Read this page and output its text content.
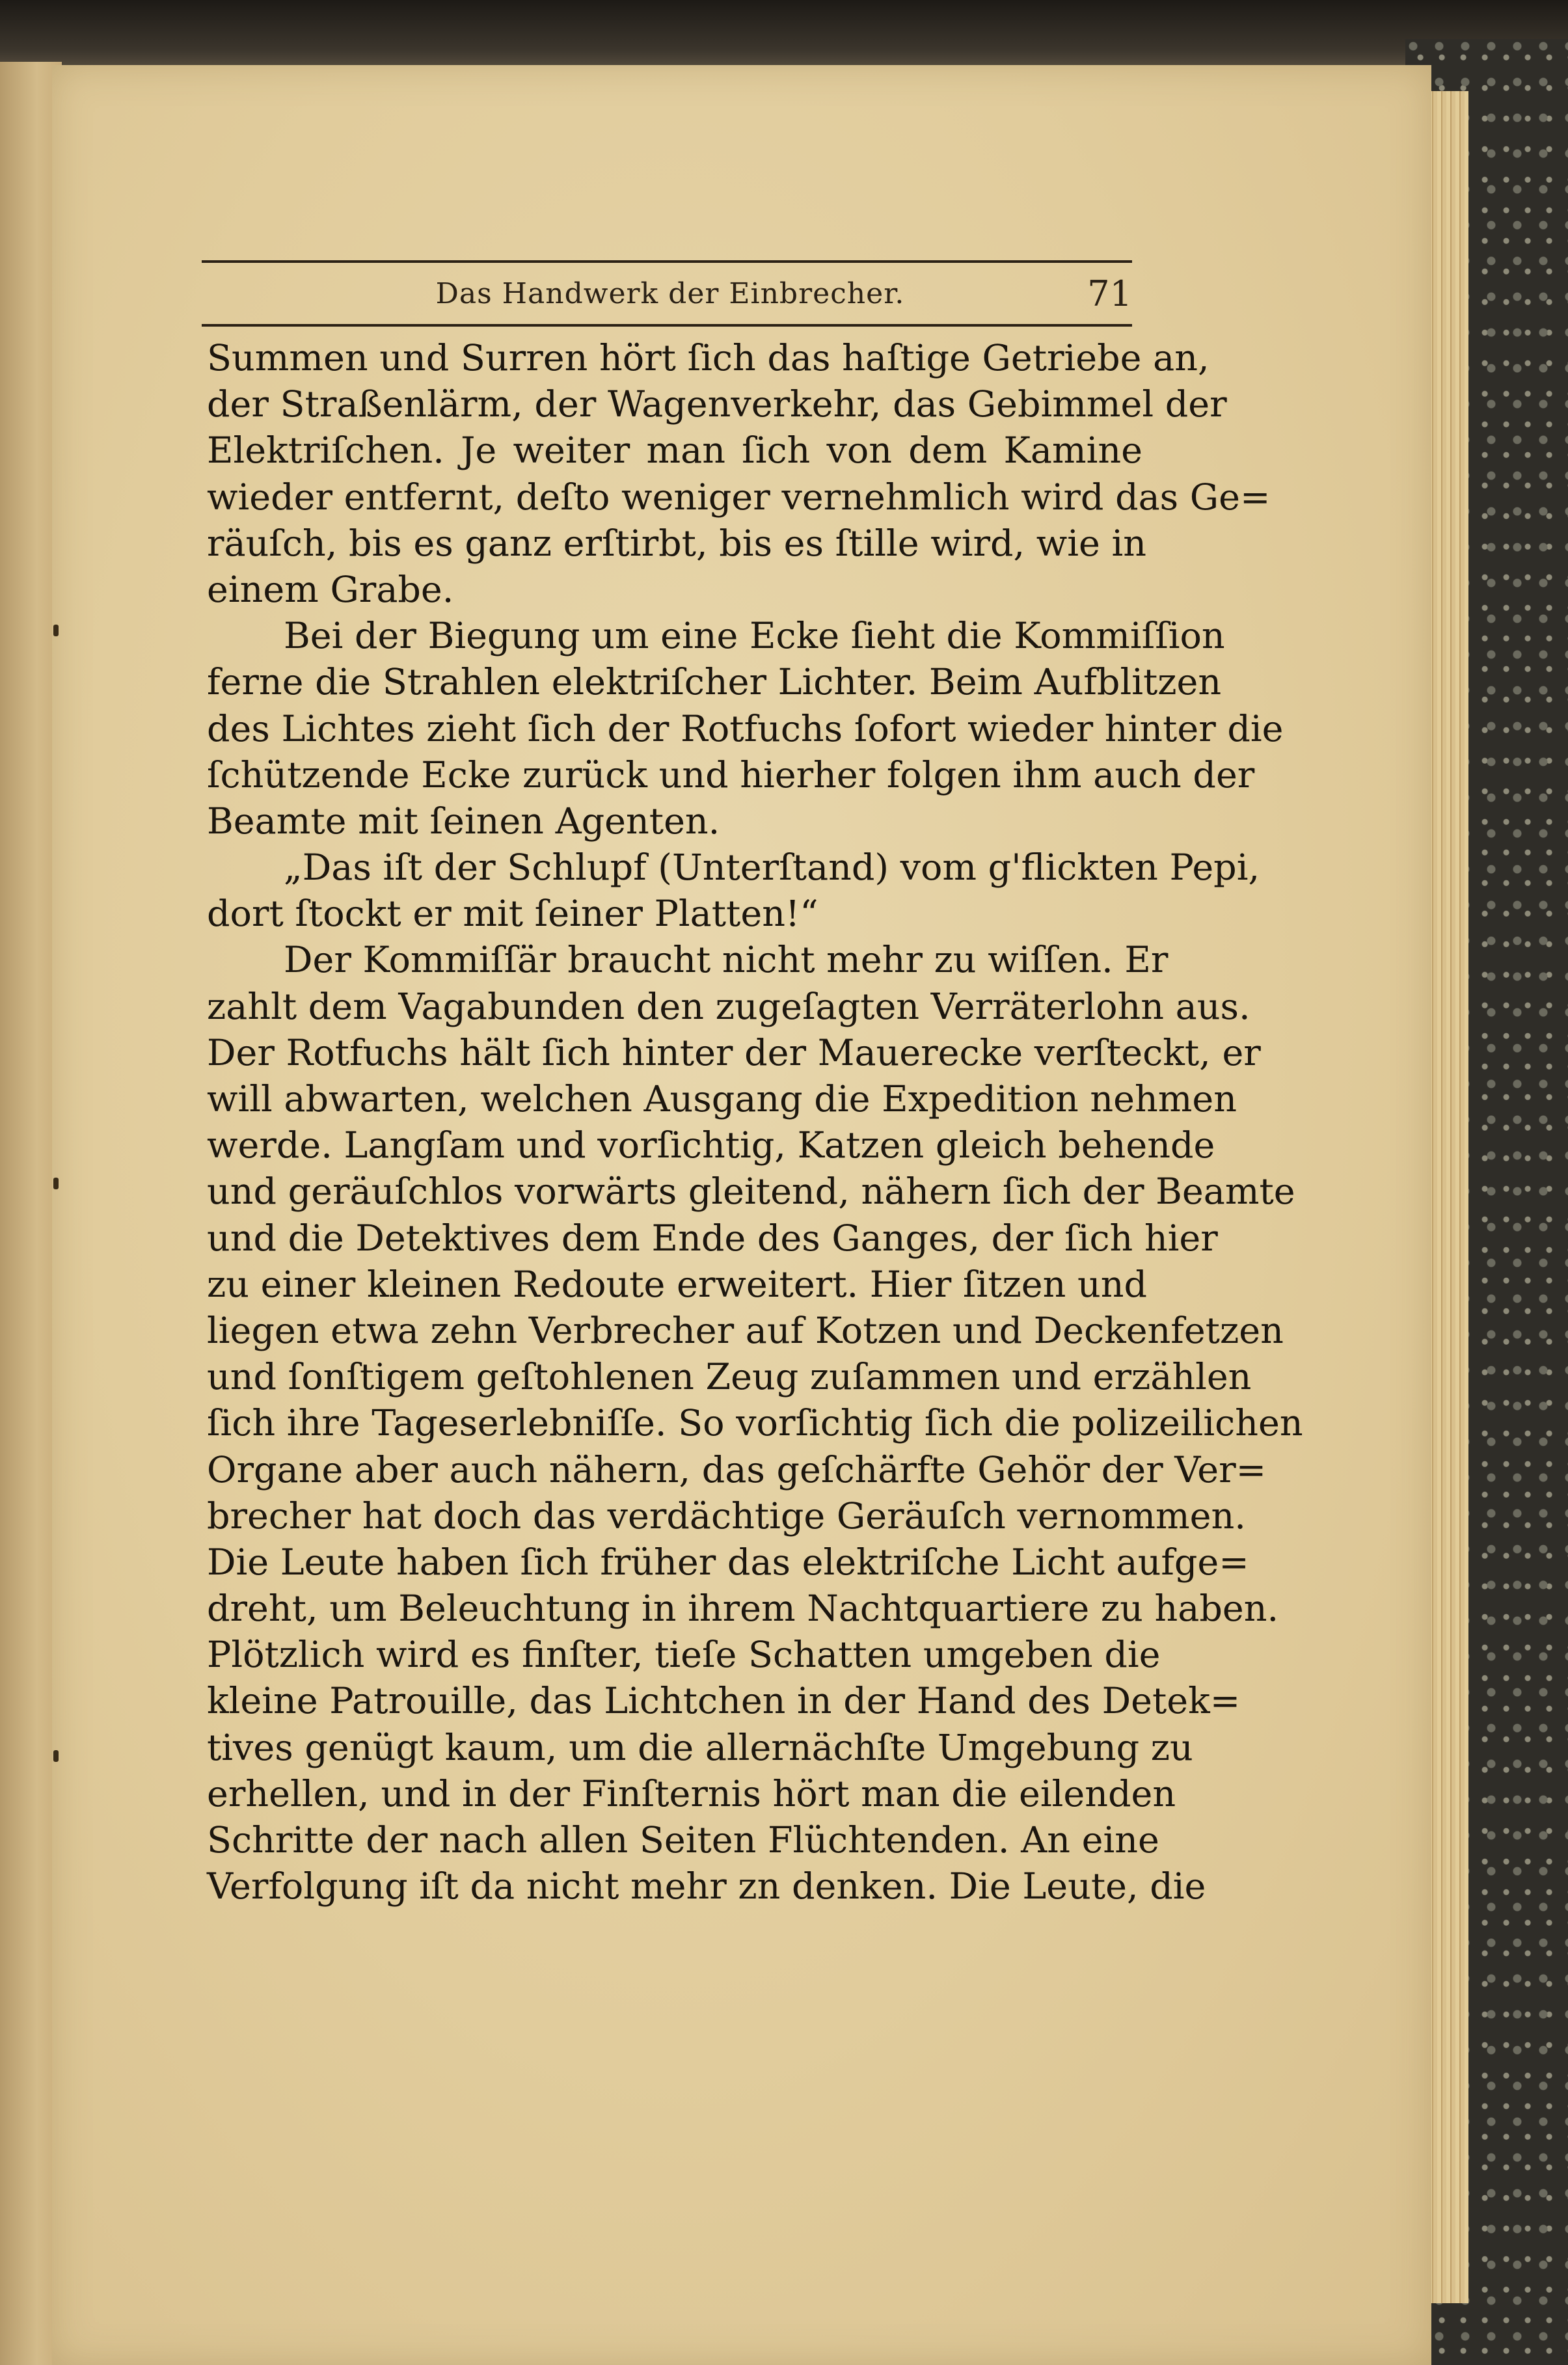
Das Handwerk der Einbrecher.	71
Summen und Surren hört ſich das haſtige Getriebe an,
der Straßenlärm, der Wagenverkehr, das Gebimmel der
Elektriſchen. Je weiter man ſich von dem Kamine
wieder entfernt, deſto weniger vernehmlich wird das Ge=
räuſch, bis es ganz erſtirbt, bis es ſtille wird, wie in
einem Grabe.
Bei der Biegung um eine Ecke ſieht die Kommiſſion
ferne die Strahlen elektriſcher Lichter. Beim Aufblitzen
des Lichtes zieht ſich der Rotfuchs ſofort wieder hinter die
ſchützende Ecke zurück und hierher folgen ihm auch der
Beamte mit ſeinen Agenten.
„Das iſt der Schlupf (Unterſtand) vom g'flickten Pepi,
dort ſtockt er mit ſeiner Platten!“
Der Kommiſſär braucht nicht mehr zu wiſſen. Er
zahlt dem Vagabunden den zugeſagten Verräterlohn aus.
Der Rotfuchs hält ſich hinter der Mauerecke verſteckt, er
will abwarten, welchen Ausgang die Expedition nehmen
werde. Langſam und vorſichtig, Katzen gleich behende
und geräuſchlos vorwärts gleitend, nähern ſich der Beamte
und die Detektives dem Ende des Ganges, der ſich hier
zu einer kleinen Redoute erweitert. Hier ſitzen und
liegen etwa zehn Verbrecher auf Kotzen und Deckenfetzen
und ſonſtigem geſtohlenen Zeug zuſammen und erzählen
ſich ihre Tageserlebniſſe. So vorſichtig ſich die polizeilichen
Organe aber auch nähern, das geſchärfte Gehör der Ver=
brecher hat doch das verdächtige Geräuſch vernommen.
Die Leute haben ſich früher das elektriſche Licht aufge=
dreht, um Beleuchtung in ihrem Nachtquartiere zu haben.
Plötzlich wird es finſter, tieſe Schatten umgeben die
kleine Patrouille, das Lichtchen in der Hand des Detek=
tives genügt kaum, um die allernächſte Umgebung zu
erhellen, und in der Finſternis hört man die eilenden
Schritte der nach allen Seiten Flüchtenden. An eine
Verfolgung iſt da nicht mehr zn denken. Die Leute, die
